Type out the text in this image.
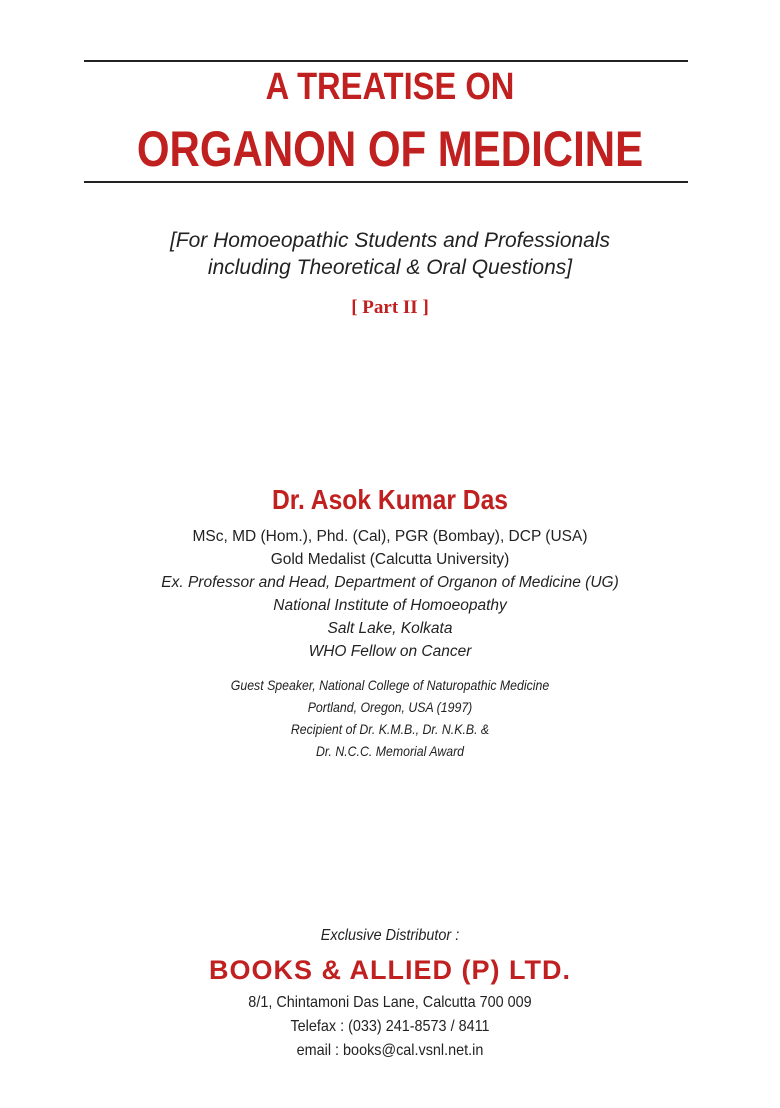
A TREATISE ON
ORGANON OF MEDICINE
[For Homoeopathic Students and Professionals
including Theoretical & Oral Questions]
[ Part II ]
Dr. Asok Kumar Das
MSc, MD (Hom.), Phd. (Cal), PGR (Bombay), DCP (USA)
Gold Medalist (Calcutta University)
Ex. Professor and Head, Department of Organon of Medicine (UG)
National Institute of Homoeopathy
Salt Lake, Kolkata
WHO Fellow on Cancer
Guest Speaker, National College of Naturopathic Medicine
Portland, Oregon, USA (1997)
Recipient of Dr. K.M.B., Dr. N.K.B. &
Dr. N.C.C. Memorial Award
Exclusive Distributor :
BOOKS & ALLIED (P) LTD.
8/1, Chintamoni Das Lane, Calcutta 700 009
Telefax : (033) 241-8573 / 8411
email : books@cal.vsnl.net.in
